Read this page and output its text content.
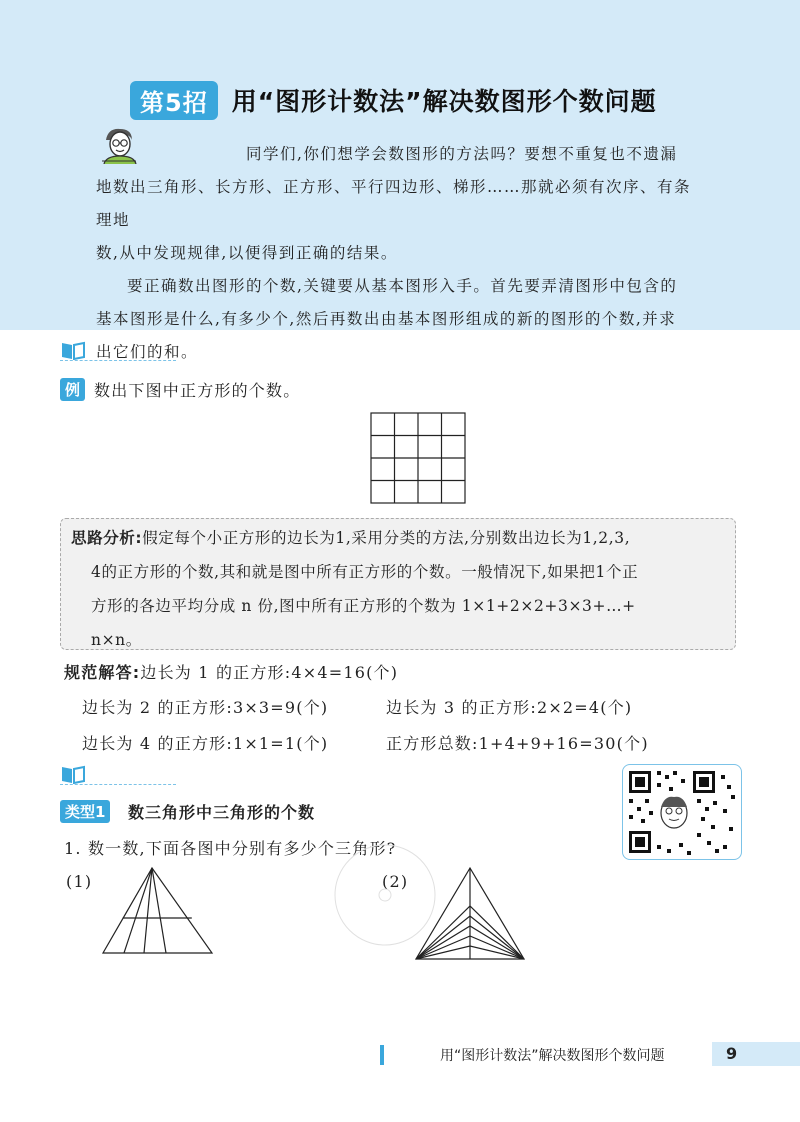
第5招 用“图形计数法”解决数图形个数问题

同学们,你们想学会数图形的方法吗？要想不重复也不遗漏

地数出三角形、长方形、正方形、平行四边形、梯形……那就必须有次序、有条理地

数,从中发现规律,以便得到正确的结果。

要正确数出图形的个数,关键要从基本图形入手。首先要弄清图形中包含的

基本图形是什么,有多少个,然后再数出由基本图形组成的新的图形的个数,并求

出它们的和。

例 数出下图中正方形的个数。
思路分析:假定每个小正方形的边长为1,采用分类的方法,分别数出边长为1,2,3,
4的正方形的个数,其和就是图中所有正方形的个数。一般情况下,如果把1个正
方形的各边平均分成 n 份,图中所有正方形的个数为 1×1+2×2+3×3+…+
n×n。
规范解答:边长为 1 的正方形:4×4=16(个)
边长为 2 的正方形:3×3=9(个)	边长为 3 的正方形:2×2=4(个)
边长为 4 的正方形:1×1=1(个)	正方形总数:1+4+9+16=30(个)
类型1	数三角形中三角形的个数
1. 数一数,下面各图中分别有多少个三角形?
(1)	(2)
用“图形计数法”解决数图形个数问题	9
